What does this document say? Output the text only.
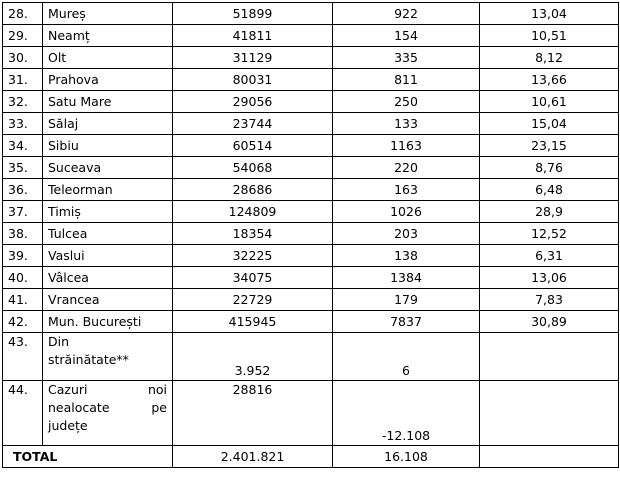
28.	Mureș	51899	922	13,04
29.	Neamț	41811	154	10,51
30.	Olt	31129	335	8,12
31.	Prahova	80031	811	13,66
32.	Satu Mare	29056	250	10,61
33.	Sălaj	23744	133	15,04
34.	Sibiu	60514	1163	23,15
35.	Suceava	54068	220	8,76
36.	Teleorman	28686	163	6,48
37.	Timiș	124809	1026	28,9
38.	Tulcea	18354	203	12,52
39.	Vaslui	32225	138	6,31
40.	Vâlcea	34075	1384	13,06
41.	Vrancea	22729	179	7,83
42.	Mun. București	415945	7837	30,89
43.	Din
străinătate**	3.952	6	
44.	Cazuri noi
nealocate pe
județe	28816	-12.108	
TOTAL		2.401.821	16.108	
